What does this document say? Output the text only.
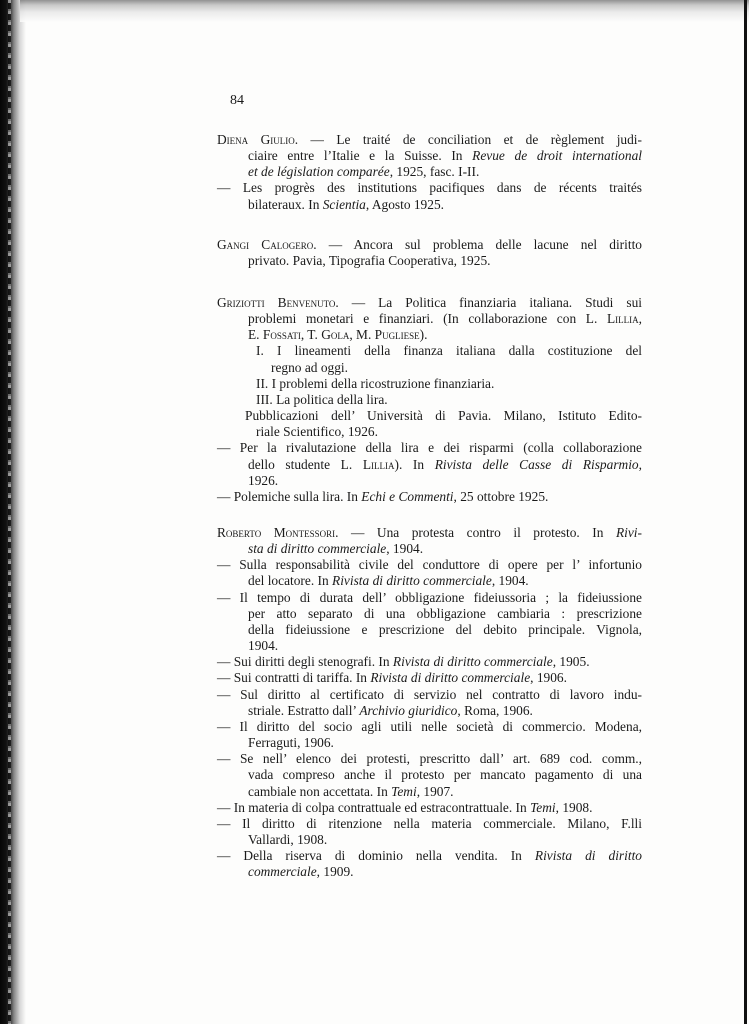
84
Diena Giulio. — Le traité de conciliation et de règlement judi-
ciaire entre l’Italie e la Suisse. In Revue de droit international
et de législation comparée, 1925, fasc. I-II.
— Les progrès des institutions pacifiques dans de récents traités
bilateraux. In Scientia, Agosto 1925.
Gangi Calogero. — Ancora sul problema delle lacune nel diritto
privato. Pavia, Tipografia Cooperativa, 1925.
Griziotti Benvenuto. — La Politica finanziaria italiana. Studi sui
problemi monetari e finanziari. (In collaborazione con L. Lillia,
E. Fossati, T. Gola, M. Pugliese).
I. I lineamenti della finanza italiana dalla costituzione del
regno ad oggi.
II. I problemi della ricostruzione finanziaria.
III. La politica della lira.
Pubblicazioni dell’ Università di Pavia. Milano, Istituto Edito-
riale Scientifico, 1926.
— Per la rivalutazione della lira e dei risparmi (colla collaborazione
dello studente L. Lillia). In Rivista delle Casse di Risparmio,
1926.
— Polemiche sulla lira. In Echi e Commenti, 25 ottobre 1925.
Roberto Montessori. — Una protesta contro il protesto. In Rivi-
sta di diritto commerciale, 1904.
— Sulla responsabilità civile del conduttore di opere per l’ infortunio
del locatore. In Rivista di diritto commerciale, 1904.
— Il tempo di durata dell’ obbligazione fideiussoria ; la fideiussione
per atto separato di una obbligazione cambiaria : prescrizione
della fideiussione e prescrizione del debito principale. Vignola,
1904.
— Sui diritti degli stenografi. In Rivista di diritto commerciale, 1905.
— Sui contratti di tariffa. In Rivista di diritto commerciale, 1906.
— Sul diritto al certificato di servizio nel contratto di lavoro indu-
striale. Estratto dall’ Archivio giuridico, Roma, 1906.
— Il diritto del socio agli utili nelle società di commercio. Modena,
Ferraguti, 1906.
— Se nell’ elenco dei protesti, prescritto dall’ art. 689 cod. comm.,
vada compreso anche il protesto per mancato pagamento di una
cambiale non accettata. In Temi, 1907.
— In materia di colpa contrattuale ed estracontrattuale. In Temi, 1908.
— Il diritto di ritenzione nella materia commerciale. Milano, F.lli
Vallardi, 1908.
— Della riserva di dominio nella vendita. In Rivista di diritto
commerciale, 1909.
